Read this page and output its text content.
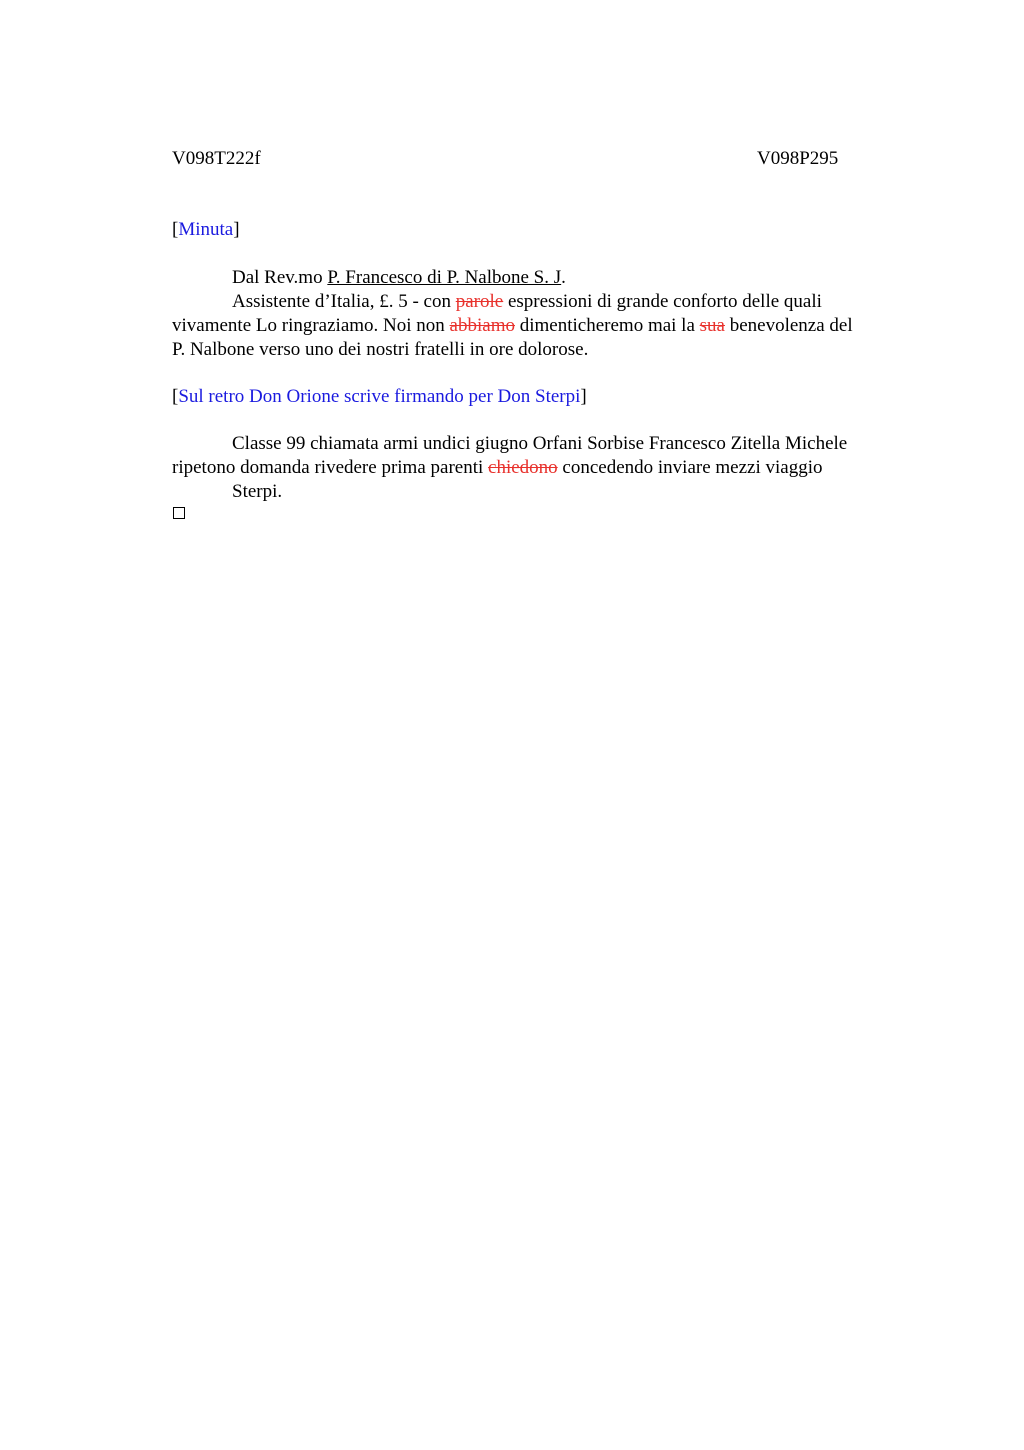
V098T222f	V098P295
[Minuta]
Dal Rev.mo P. Francesco di P. Nalbone S. J.
Assistente d’Italia, £. 5 - con parole espressioni di grande conforto delle quali
vivamente Lo ringraziamo. Noi non abbiamo dimenticheremo mai la sua benevolenza del
P. Nalbone verso uno dei nostri fratelli in ore dolorose.
[Sul retro Don Orione scrive firmando per Don Sterpi]
Classe 99 chiamata armi undici giugno Orfani Sorbise Francesco Zitella Michele
ripetono domanda rivedere prima parenti chiedono concedendo inviare mezzi viaggio
Sterpi.
